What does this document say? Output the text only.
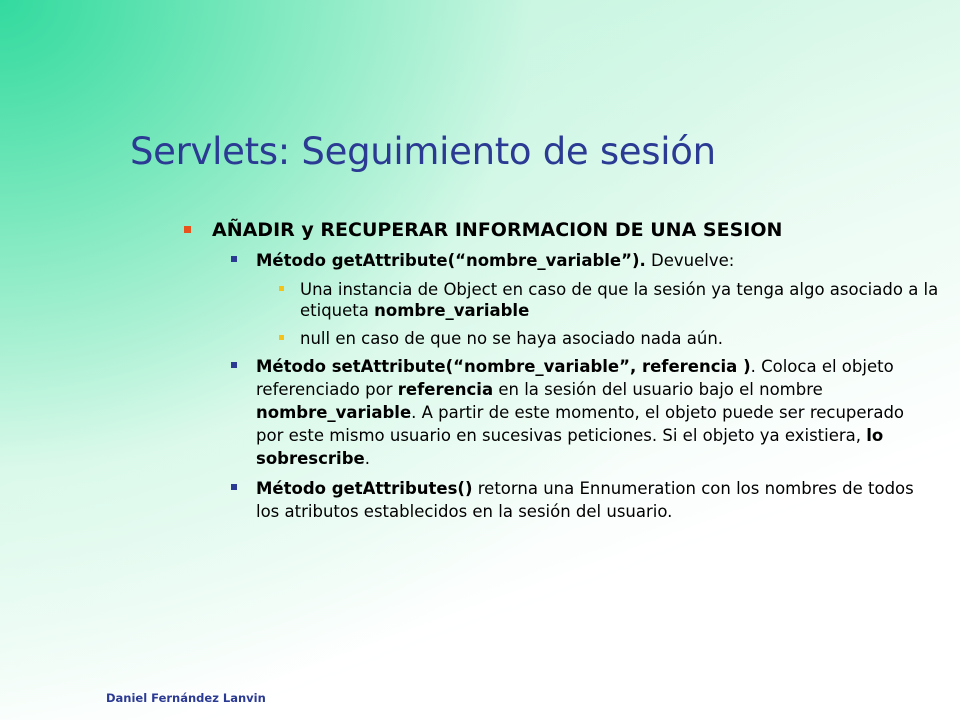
Servlets: Seguimiento de sesión
AÑADIR y RECUPERAR INFORMACION DE UNA SESION
Método getAttribute(“nombre_variable”). Devuelve:
Una instancia de Object en caso de que la sesión ya tenga algo asociado a la etiqueta nombre_variable
null en caso de que no se haya asociado nada aún.
Método setAttribute(“nombre_variable”, referencia ). Coloca el objeto referenciado por referencia en la sesión del usuario bajo el nombre nombre_variable. A partir de este momento, el objeto puede ser recuperado por este mismo usuario en sucesivas peticiones. Si el objeto ya existiera, lo sobrescribe.
Método getAttributes() retorna una Ennumeration con los nombres de todos los atributos establecidos en la sesión del usuario.
Daniel Fernández Lanvin
